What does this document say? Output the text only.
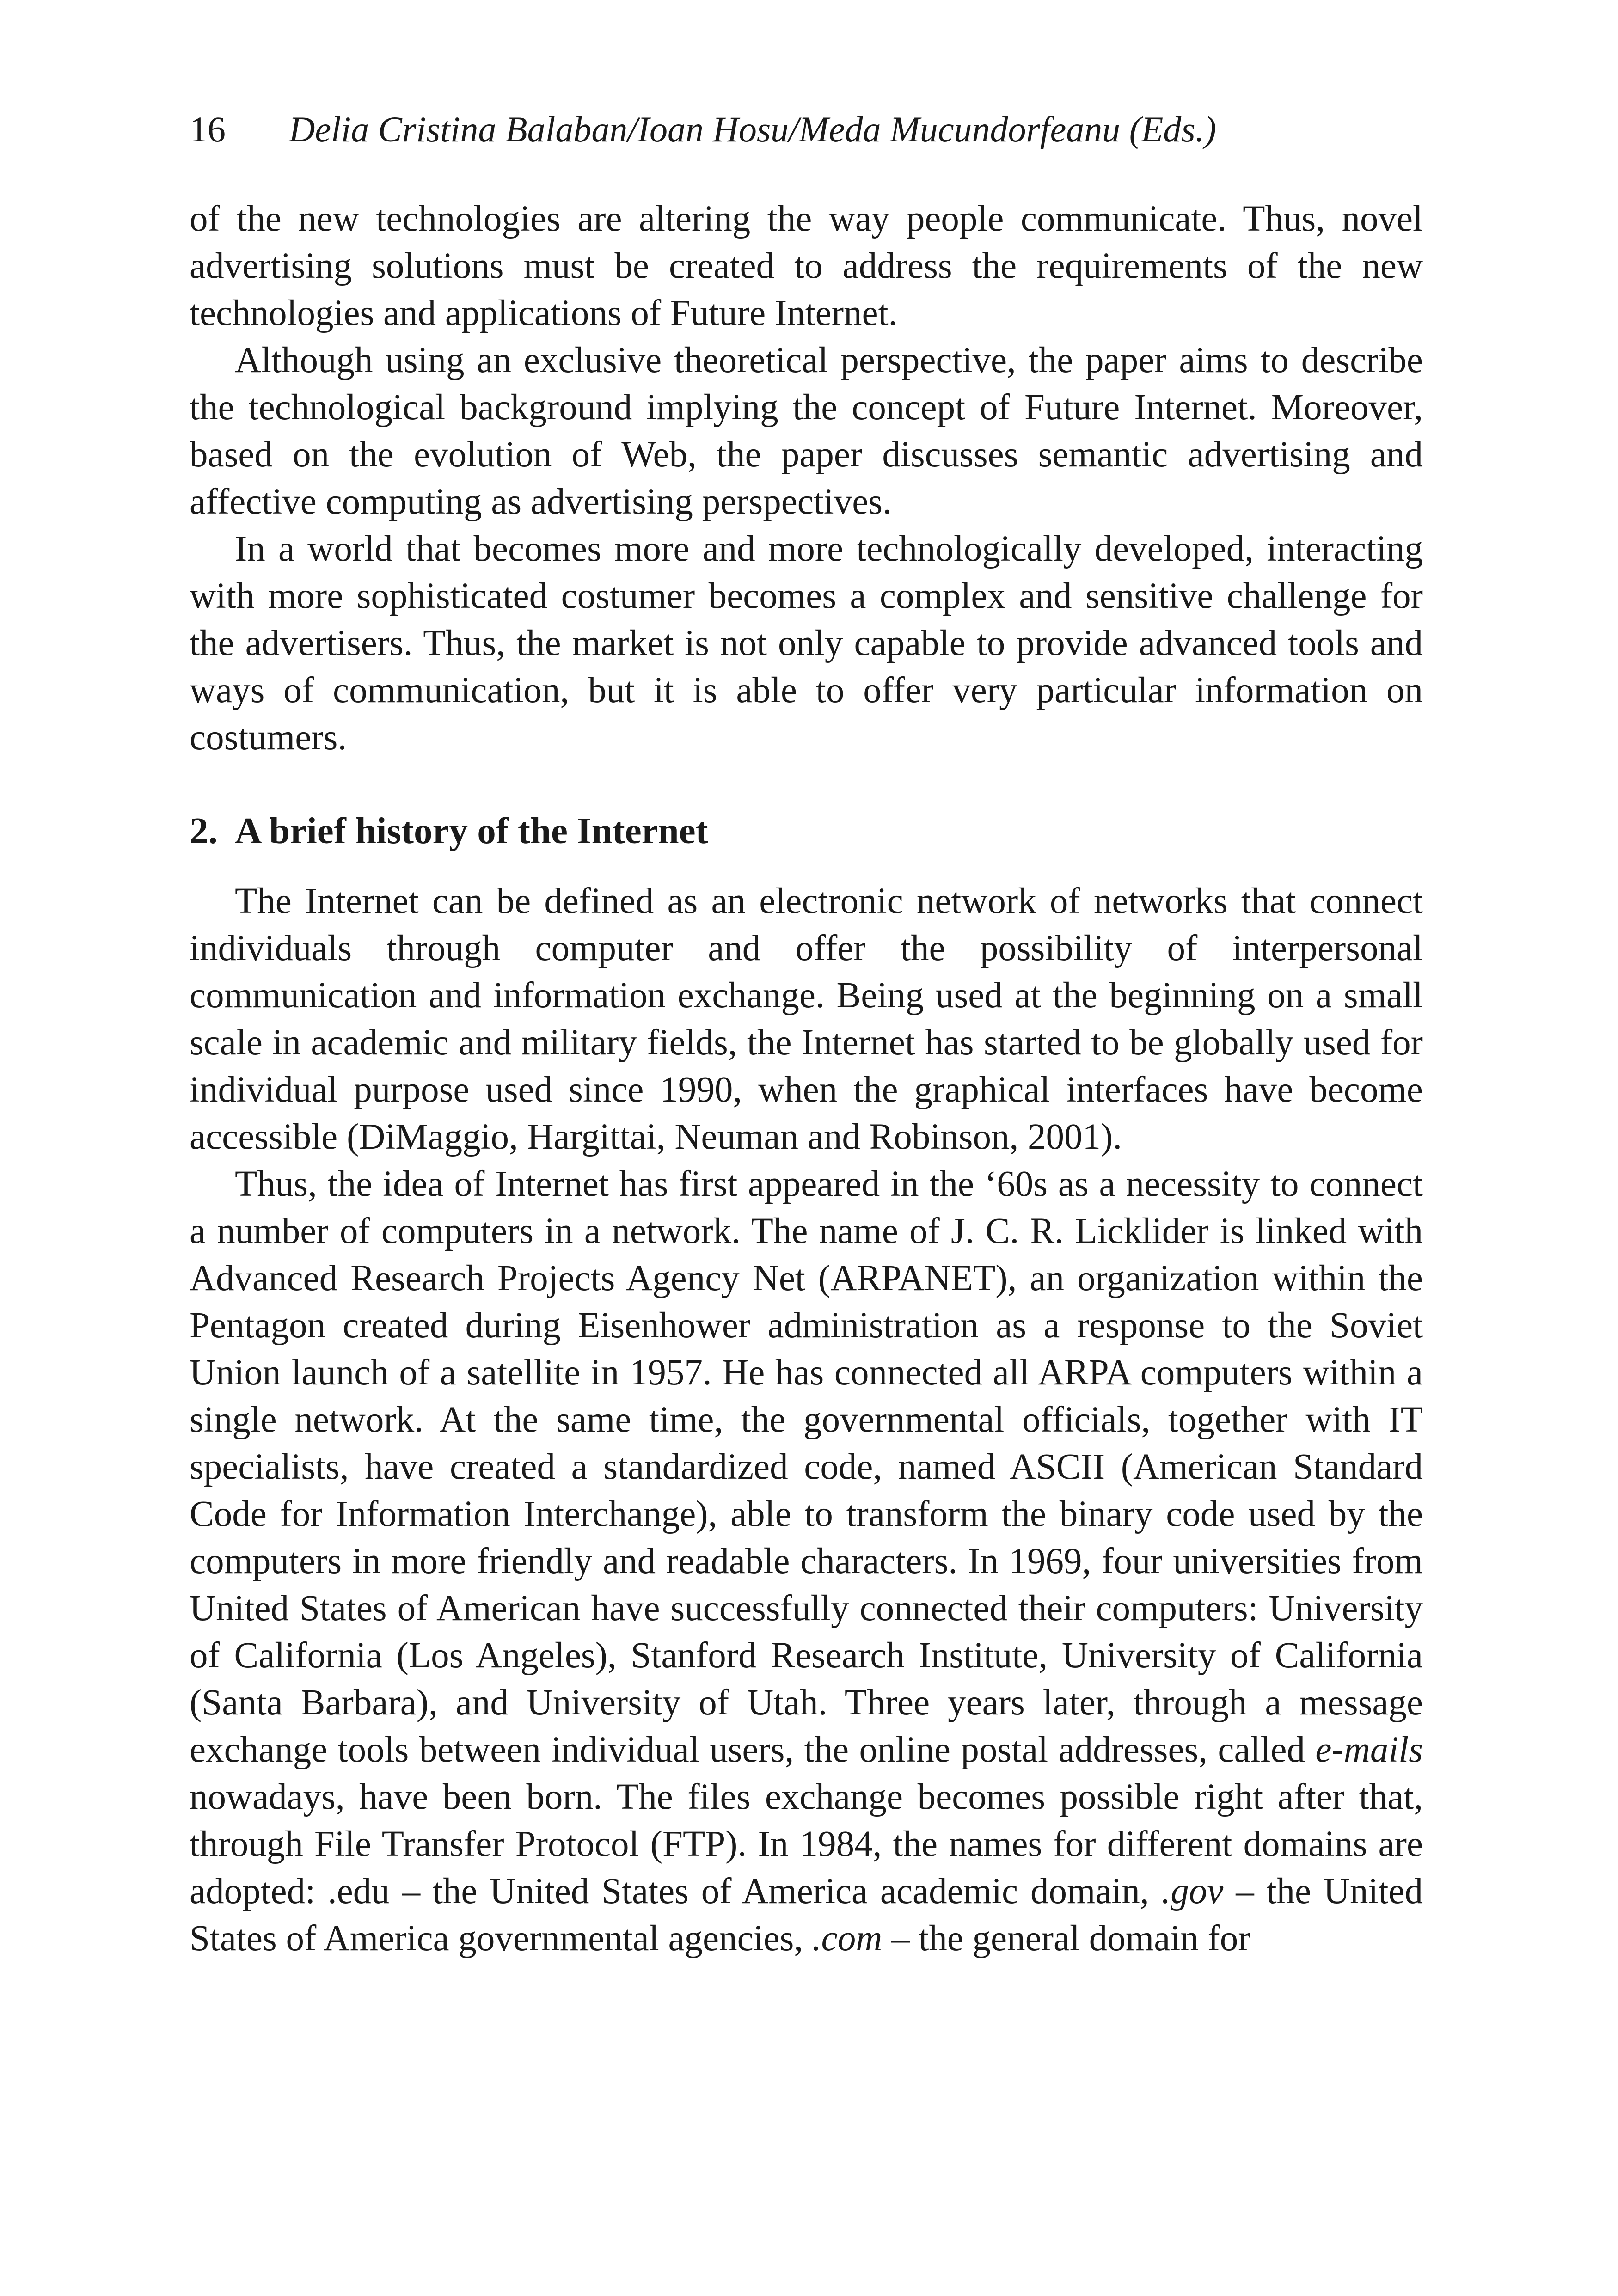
16	Delia Cristina Balaban/Ioan Hosu/Meda Mucundorfeanu (Eds.)

of the new technologies are altering the way people communicate. Thus, novel advertising solutions must be created to address the requirements of the new technologies and applications of Future Internet.

Although using an exclusive theoretical perspective, the paper aims to describe the technological background implying the concept of Future Internet. Moreover, based on the evolution of Web, the paper discusses semantic advertising and affective computing as advertising perspectives.

In a world that becomes more and more technologically developed, interacting with more sophisticated costumer becomes a complex and sensitive challenge for the advertisers. Thus, the market is not only capable to provide advanced tools and ways of communication, but it is able to offer very particular information on costumers.

2. A brief history of the Internet

The Internet can be defined as an electronic network of networks that connect individuals through computer and offer the possibility of interpersonal communication and information exchange. Being used at the beginning on a small scale in academic and military fields, the Internet has started to be globally used for individual purpose used since 1990, when the graphical interfaces have become accessible (DiMaggio, Hargittai, Neuman and Robinson, 2001).

Thus, the idea of Internet has first appeared in the ‘60s as a necessity to connect a number of computers in a network. The name of J. C. R. Licklider is linked with Advanced Research Projects Agency Net (ARPANET), an organization within the Pentagon created during Eisenhower administration as a response to the Soviet Union launch of a satellite in 1957. He has connected all ARPA computers within a single network. At the same time, the governmental officials, together with IT specialists, have created a standardized code, named ASCII (American Standard Code for Information Interchange), able to transform the binary code used by the computers in more friendly and readable characters. In 1969, four universities from United States of American have successfully connected their computers: University of California (Los Angeles), Stanford Research Institute, University of California (Santa Barbara), and University of Utah. Three years later, through a message exchange tools between individual users, the online postal addresses, called e-mails nowadays, have been born. The files exchange becomes possible right after that, through File Transfer Protocol (FTP). In 1984, the names for different domains are adopted: .edu – the United States of America academic domain, .gov – the United States of America governmental agencies, .com – the general domain for
